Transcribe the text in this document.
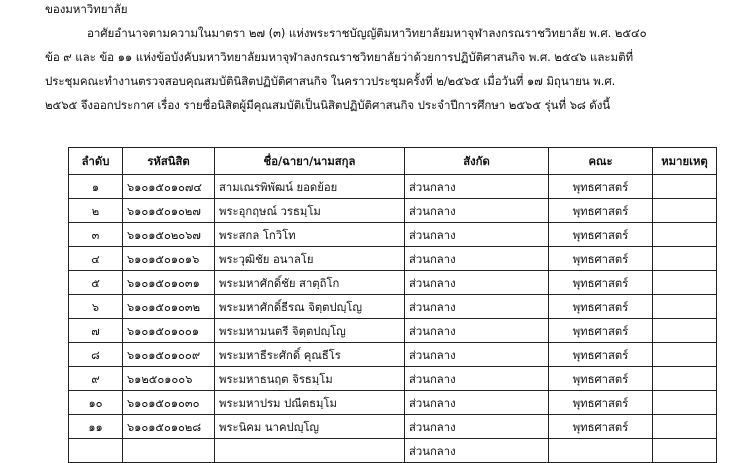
ของมหาวิทยาลัย
อาศัยอำนาจตามความในมาตรา ๒๗ (๓) แห่งพระราชบัญญัติมหาวิทยาลัยมหาจุฬาลงกรณราชวิทยาลัย พ.ศ. ๒๕๔๐
ข้อ ๙ และ ข้อ ๑๑ แห่งข้อบังคับมหาวิทยาลัยมหาจุฬาลงกรณราชวิทยาลัยว่าด้วยการปฏิบัติศาสนกิจ พ.ศ. ๒๕๔๖ และมติที่
ประชุมคณะทำงานตรวจสอบคุณสมบัตินิสิตปฏิบัติศาสนกิจ ในคราวประชุมครั้งที่ ๒/๒๕๖๕ เมื่อวันที่ ๑๗ มิถุนายน พ.ศ.
๒๕๖๕ จึงออกประกาศ เรื่อง รายชื่อนิสิตผู้มีคุณสมบัติเป็นนิสิตปฏิบัติศาสนกิจ ประจำปีการศึกษา ๒๕๖๕ รุ่นที่ ๖๘ ดังนี้
ลำดับ	รหัสนิสิต	ชื่อ/ฉายา/นามสกุล	สังกัด	คณะ	หมายเหตุ
๑	๖๑๐๑๕๐๑๐๗๔	สามเณรพิพัฒน์ ยอดย้อย	ส่วนกลาง	พุทธศาสตร์	
๒	๖๑๐๑๕๐๑๐๒๗	พระอุกฤษณ์ วรธมฺโม	ส่วนกลาง	พุทธศาสตร์	
๓	๖๑๐๑๕๐๒๐๖๗	พระสกล โกวิโท	ส่วนกลาง	พุทธศาสตร์	
๔	๖๑๐๑๕๐๑๐๑๖	พระวุฒิชัย อนาลโย	ส่วนกลาง	พุทธศาสตร์	
๕	๖๑๐๑๕๐๑๐๓๑	พระมหาศักดิ์ชัย สาตฺถิโก	ส่วนกลาง	พุทธศาสตร์	
๖	๖๑๐๑๕๐๑๐๓๒	พระมหาศักดิ์ธีรณ จิตฺตปญฺโญ	ส่วนกลาง	พุทธศาสตร์	
๗	๖๑๐๑๕๐๑๐๐๑	พระมหามนตรี จิตฺตปญฺโญ	ส่วนกลาง	พุทธศาสตร์	
๘	๖๑๐๑๕๐๑๐๐๙	พระมหาธีระศักดิ์ คุณธีโร	ส่วนกลาง	พุทธศาสตร์	
๙	๖๑๒๕๐๑๐๐๖	พระมหาธนฤต จิรธมฺโม	ส่วนกลาง	พุทธศาสตร์	
๑๐	๖๑๐๑๕๐๑๐๓๐	พระมหาปรม ปณีตธมฺโม	ส่วนกลาง	พุทธศาสตร์	
๑๑	๖๑๐๑๕๐๑๐๒๘	พระนิคม นาคปญฺโญ	ส่วนกลาง	พุทธศาสตร์	
			ส่วนกลาง		
